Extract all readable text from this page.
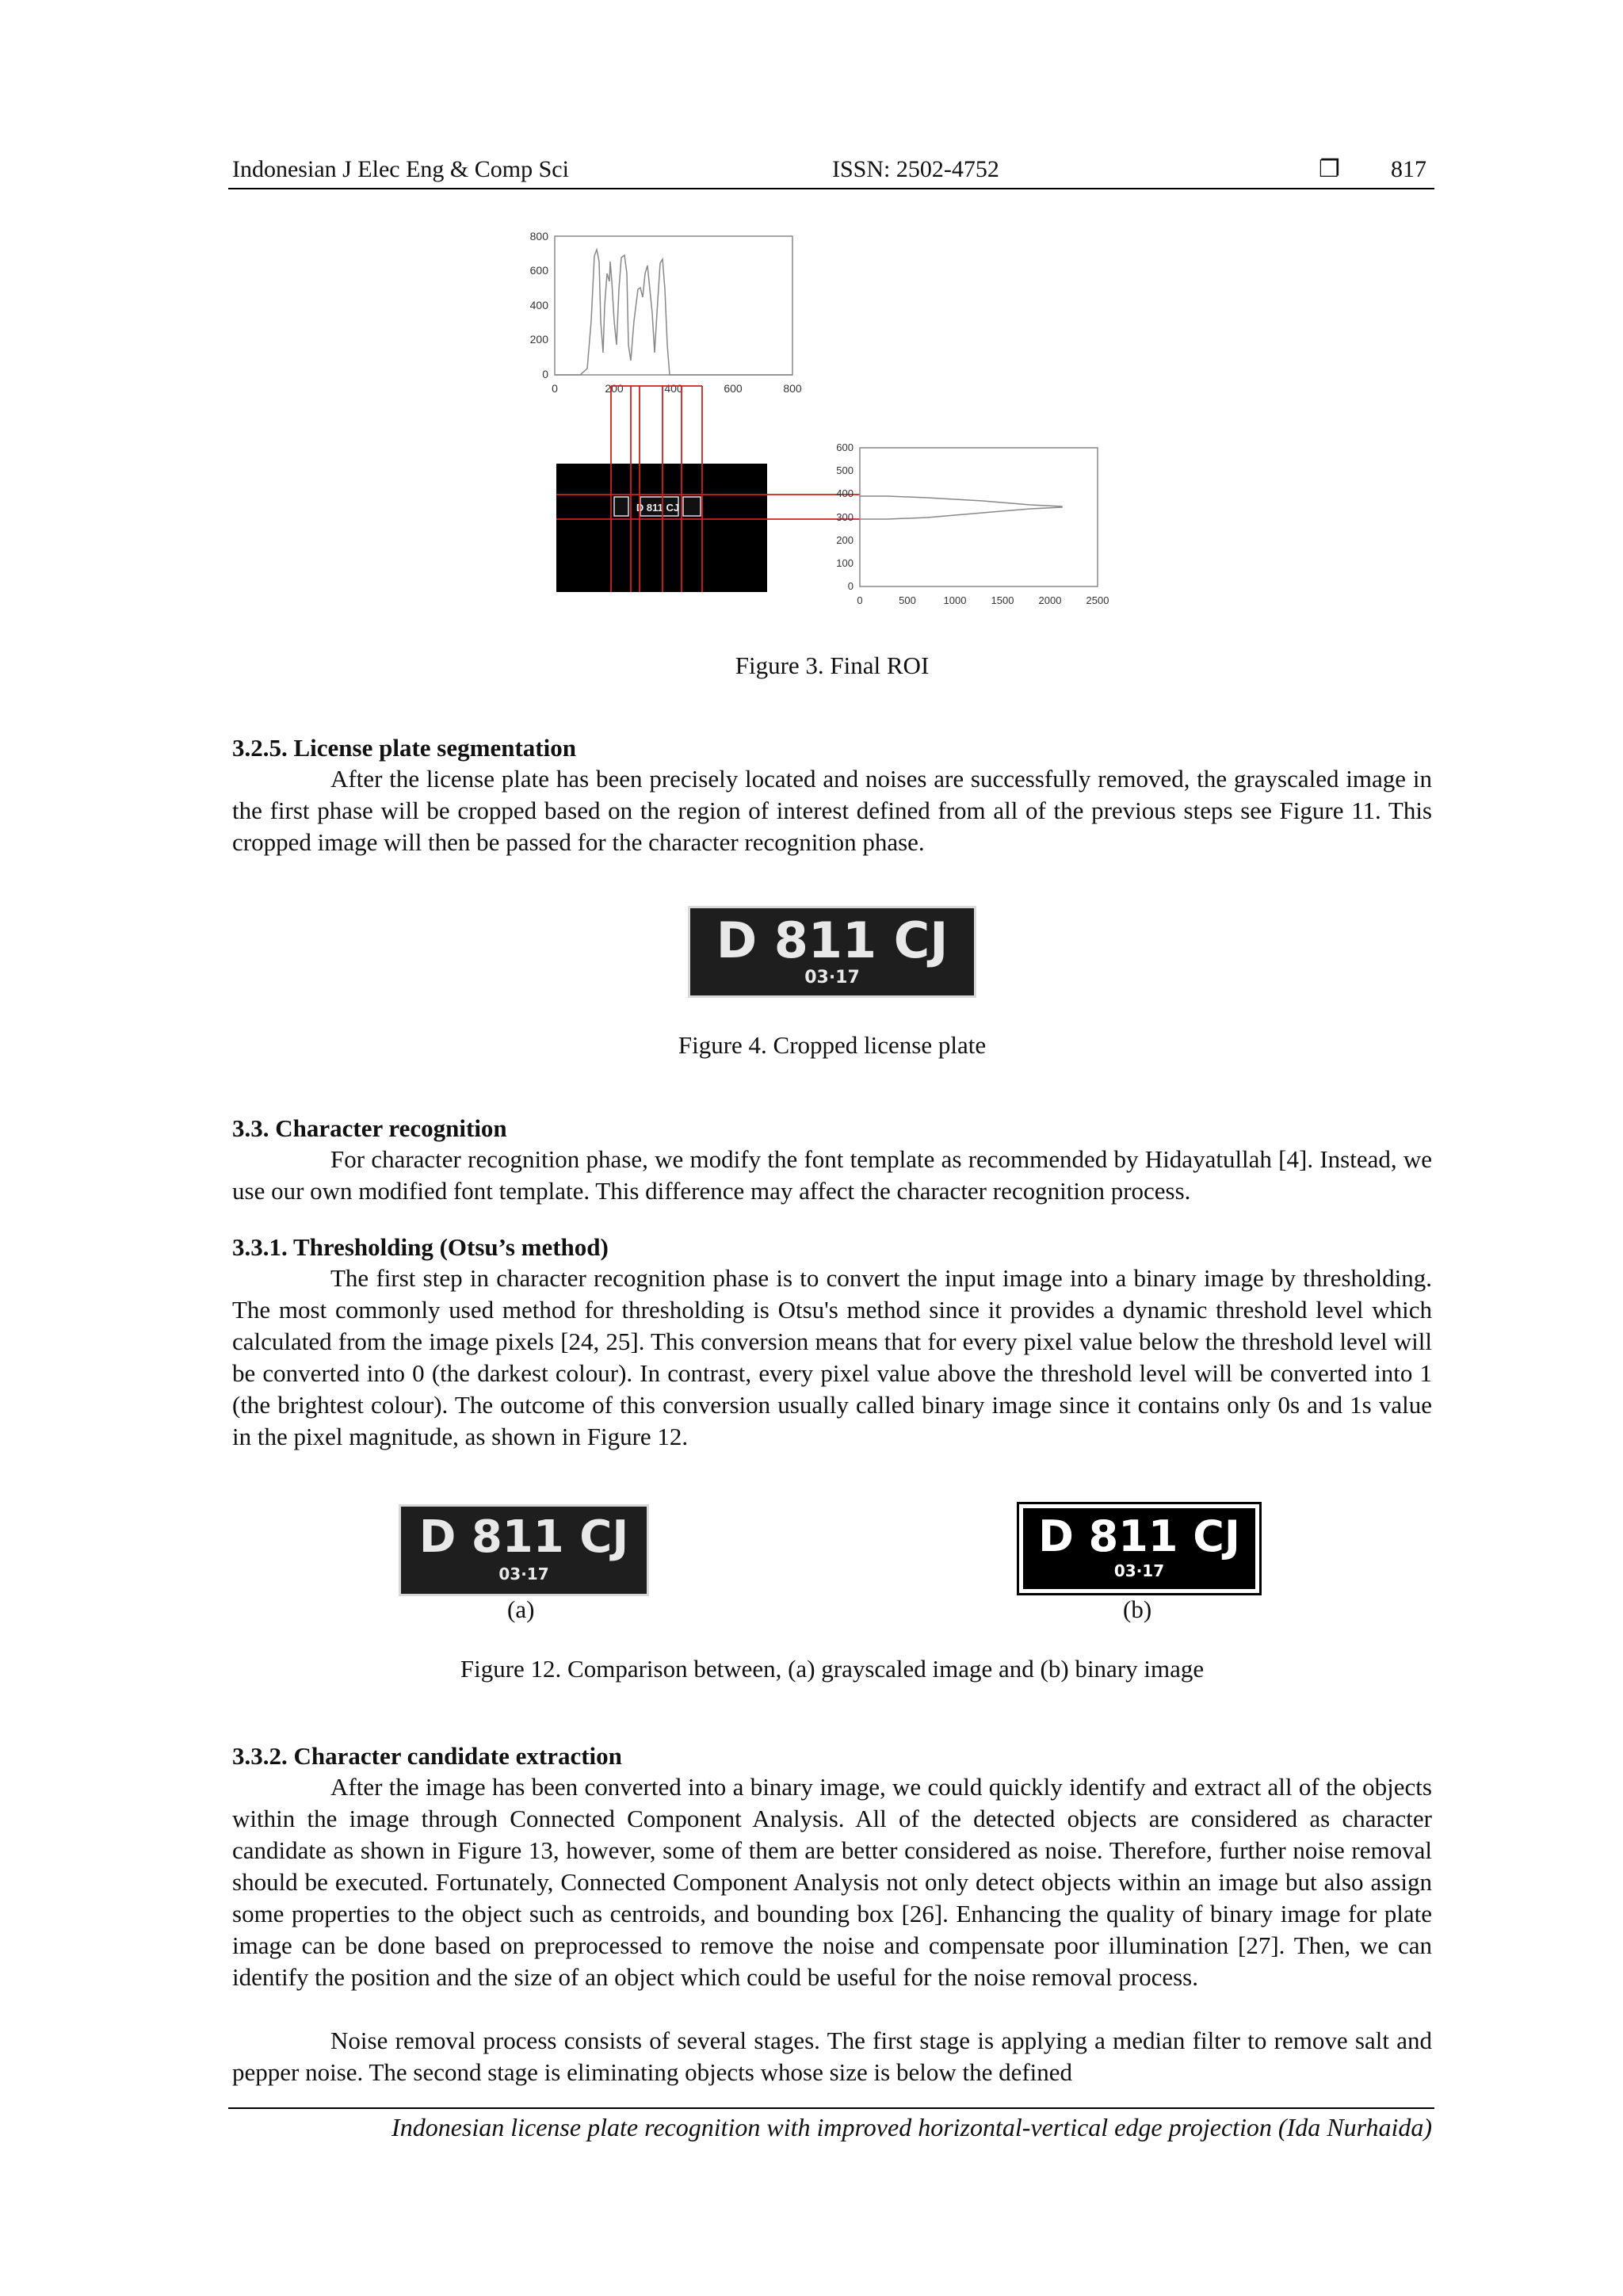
Indonesian J Elec Eng & Comp Sci	ISSN: 2502-4752	❐ 817
0
200
400
600
800
0	200	400	600	800
D 811 CJ
0
100
200
300
400
500
600
0	500	1000 1500 2000 2500
Figure 3. Final ROI
3.2.5. License plate segmentation

After the license plate has been precisely located and noises are successfully removed, the grayscaled image in the first phase will be cropped based on the region of interest defined from all of the previous steps see Figure 11. This cropped image will then be passed for the character recognition phase.

D 811 CJ
03·17
Figure 4. Cropped license plate
3.3. Character recognition

For character recognition phase, we modify the font template as recommended by Hidayatullah [4]. Instead, we use our own modified font template. This difference may affect the character recognition process.

3.3.1. Thresholding (Otsu’s method)

The first step in character recognition phase is to convert the input image into a binary image by thresholding. The most commonly used method for thresholding is Otsu's method since it provides a dynamic threshold level which calculated from the image pixels [24, 25]. This conversion means that for every pixel value below the threshold level will be converted into 0 (the darkest colour). In contrast, every pixel value above the threshold level will be converted into 1 (the brightest colour). The outcome of this conversion usually called binary image since it contains only 0s and 1s value in the pixel magnitude, as shown in Figure 12.

D 811 CJ
03·17
(a)
D 811 CJ
03·17
(b)
Figure 12. Comparison between, (a) grayscaled image and (b) binary image
3.3.2. Character candidate extraction

After the image has been converted into a binary image, we could quickly identify and extract all of the objects within the image through Connected Component Analysis. All of the detected objects are considered as character candidate as shown in Figure 13, however, some of them are better considered as noise. Therefore, further noise removal should be executed. Fortunately, Connected Component Analysis not only detect objects within an image but also assign some properties to the object such as centroids, and bounding box [26]. Enhancing the quality of binary image for plate image can be done based on preprocessed to remove the noise and compensate poor illumination [27]. Then, we can identify the position and the size of an object which could be useful for the noise removal process.

Noise removal process consists of several stages. The first stage is applying a median filter to remove salt and pepper noise. The second stage is eliminating objects whose size is below the defined

Indonesian license plate recognition with improved horizontal-vertical edge projection (Ida Nurhaida)
